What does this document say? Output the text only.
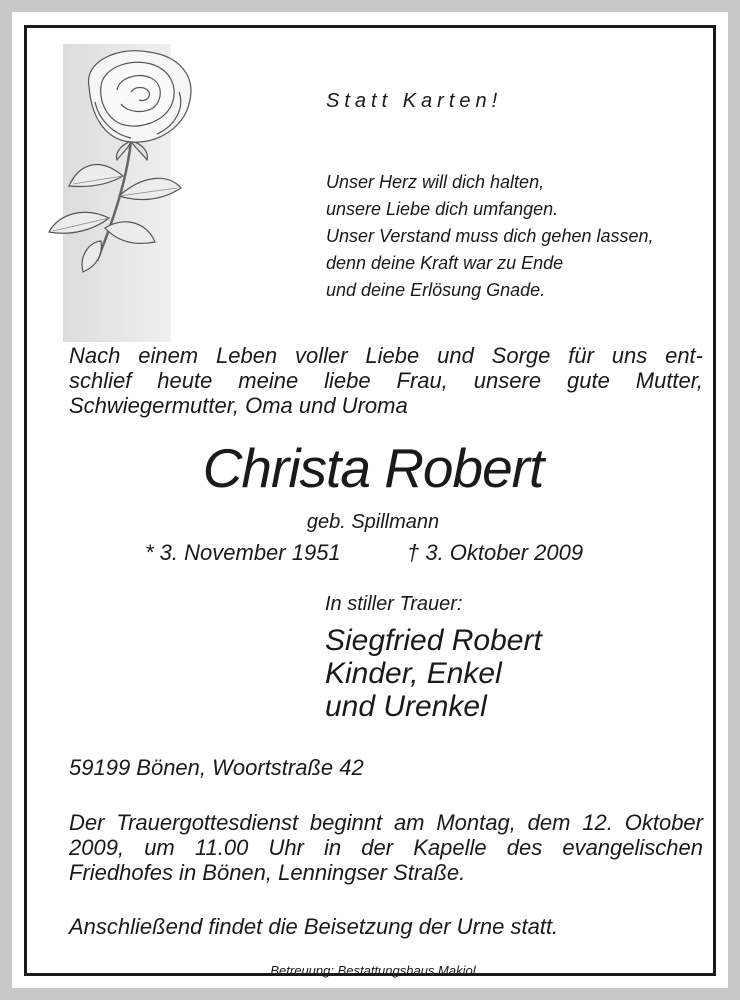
Statt Karten!
Unser Herz will dich halten,
unsere Liebe dich umfangen.
Unser Verstand muss dich gehen lassen,
denn deine Kraft war zu Ende
und deine Erlösung Gnade.
Nach einem Leben voller Liebe und Sorge für uns ent-
schlief heute meine liebe Frau, unsere gute Mutter,
Schwiegermutter, Oma und Uroma
Christa Robert
geb. Spillmann
* 3. November 1951	† 3. Oktober 2009
In stiller Trauer:
Siegfried Robert
Kinder, Enkel
und Urenkel
59199 Bönen, Woortstraße 42
Der Trauergottesdienst beginnt am Montag, dem 12. Oktober
2009, um 11.00 Uhr in der Kapelle des evangelischen
Friedhofes in Bönen, Lenningser Straße.
Anschließend findet die Beisetzung der Urne statt.
Betreuung: Bestattungshaus Makiol
